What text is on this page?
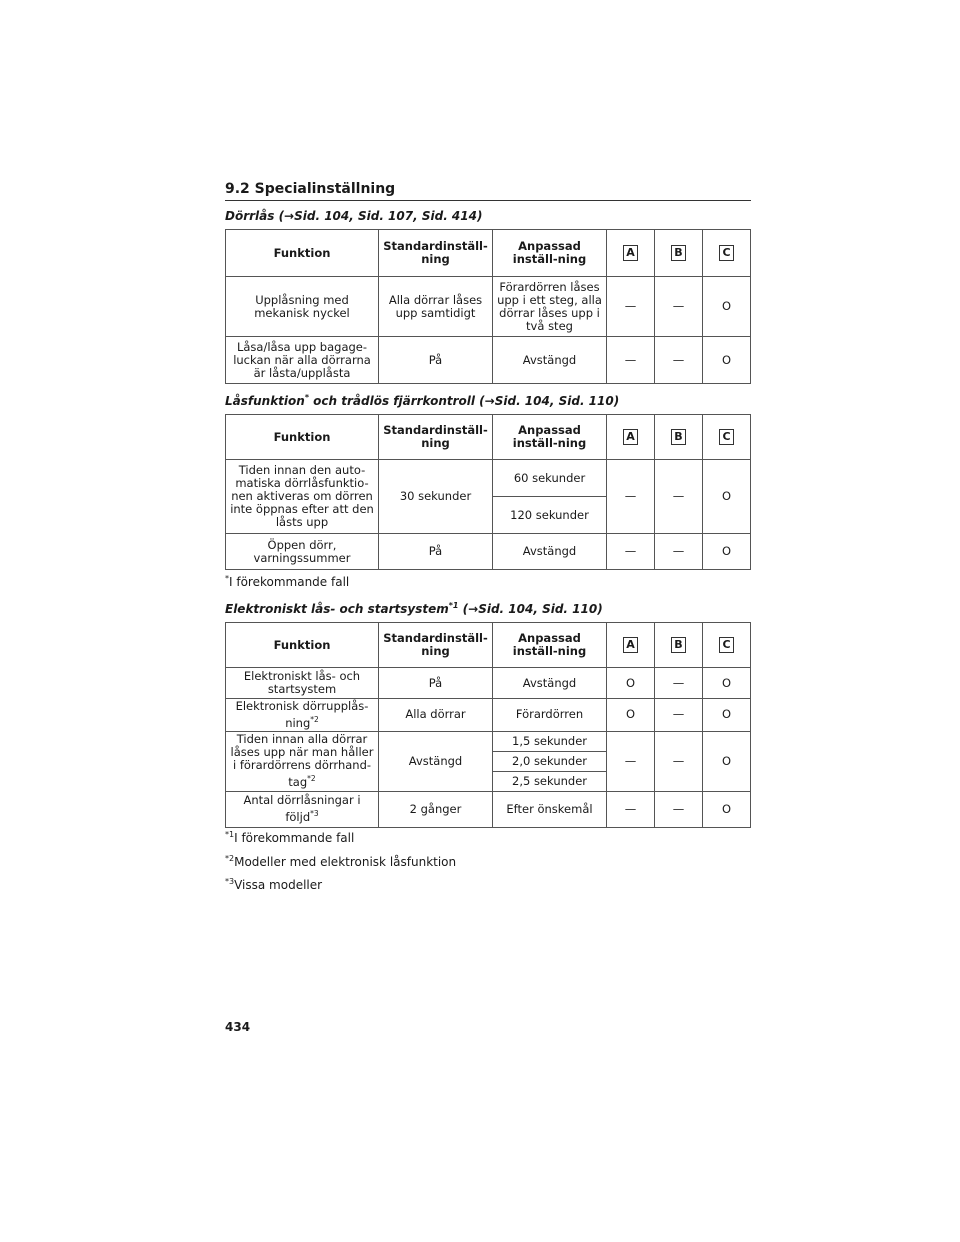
9.2 Specialinställning
Dörrlås (→Sid. 104, Sid. 107, Sid. 414)
Funktion	Standardinställ-ning	Anpassad inställ-ning	A	B	C
Upplåsning med mekanisk nyckel	Alla dörrar låses upp samtidigt	Förardörren låses upp i ett steg, alla dörrar låses upp i två steg	—	—	O
Låsa/låsa upp bagage-luckan när alla dörrarna är låsta/upplåsta	På	Avstängd	—	—	O
Låsfunktion* och trådlös fjärrkontroll (→Sid. 104, Sid. 110)
Funktion	Standardinställ-ning	Anpassad inställ-ning	A	B	C
Tiden innan den auto-matiska dörrlåsfunktio-nen aktiveras om dörren inte öppnas efter att den låsts upp	30 sekunder	60 sekunder	—	—	O
		120 sekunder			
Öppen dörr, varningssummer	På	Avstängd	—	—	O
*I förekommande fall
Elektroniskt lås- och startsystem$^{*1}$ (→Sid. 104, Sid. 110)
Funktion	Standardinställ-ning	Anpassad inställ-ning	A	B	C
Elektroniskt lås- och startsystem	På	Avstängd	O	—	O
Elektronisk dörrupplås-ning$^{*2}$	Alla dörrar	Förardörren	O	—	O
Tiden innan alla dörrar låses upp när man håller i förardörrens dörrhand-tag$^{*2}$	Avstängd	1,5 sekunder	—	—	O
		2,0 sekunder			
		2,5 sekunder			
Antal dörrlåsningar i följd$^{*3}$	2 gånger	Efter önskemål	—	—	O
$^{*1}$I förekommande fall
$^{*2}$Modeller med elektronisk låsfunktion
$^{*3}$Vissa modeller
434
